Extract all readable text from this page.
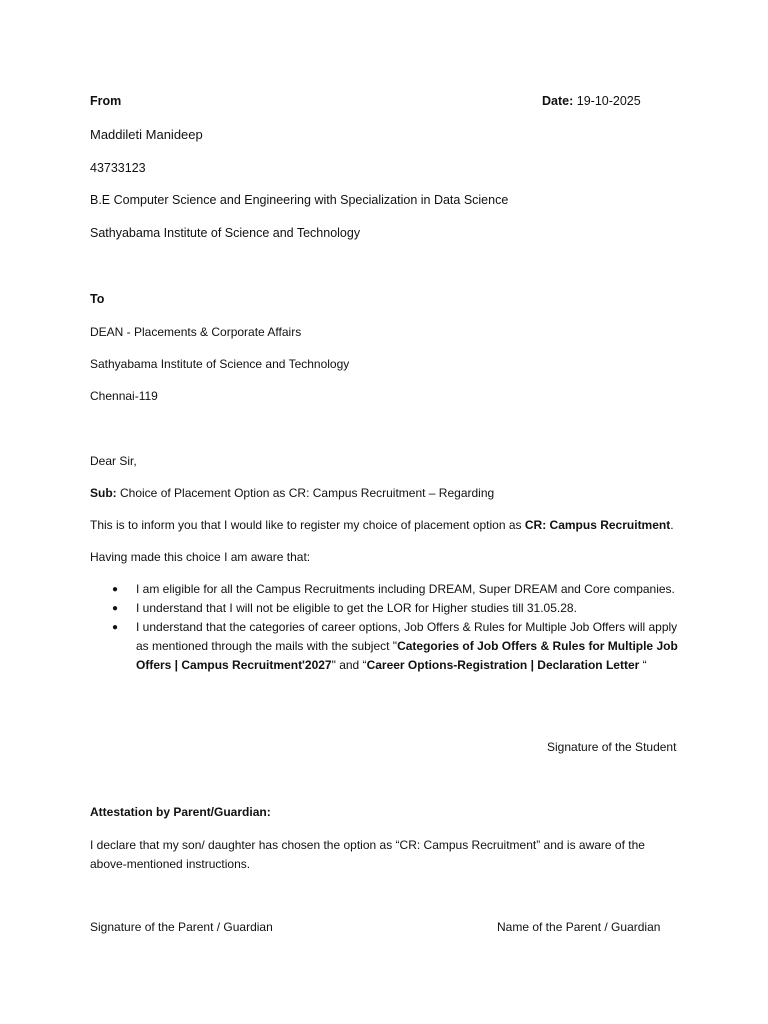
From	Date: 19-10-2025
Maddileti Manideep
43733123
B.E Computer Science and Engineering with Specialization in Data Science
Sathyabama Institute of Science and Technology
To
DEAN - Placements & Corporate Affairs
Sathyabama Institute of Science and Technology
Chennai-119
Dear Sir,
Sub: Choice of Placement Option as CR: Campus Recruitment – Regarding
This is to inform you that I would like to register my choice of placement option as CR: Campus Recruitment.
Having made this choice I am aware that:
● I am eligible for all the Campus Recruitments including DREAM, Super DREAM and Core companies.
● I understand that I will not be eligible to get the LOR for Higher studies till 31.05.28.
● I understand that the categories of career options, Job Offers & Rules for Multiple Job Offers will apply as mentioned through the mails with the subject "Categories of Job Offers & Rules for Multiple Job Offers | Campus Recruitment'2027" and “Career Options-Registration | Declaration Letter “
Signature of the Student
Attestation by Parent/Guardian:
I declare that my son/ daughter has chosen the option as “CR: Campus Recruitment” and is aware of the above-mentioned instructions.
Signature of the Parent / Guardian	Name of the Parent / Guardian
